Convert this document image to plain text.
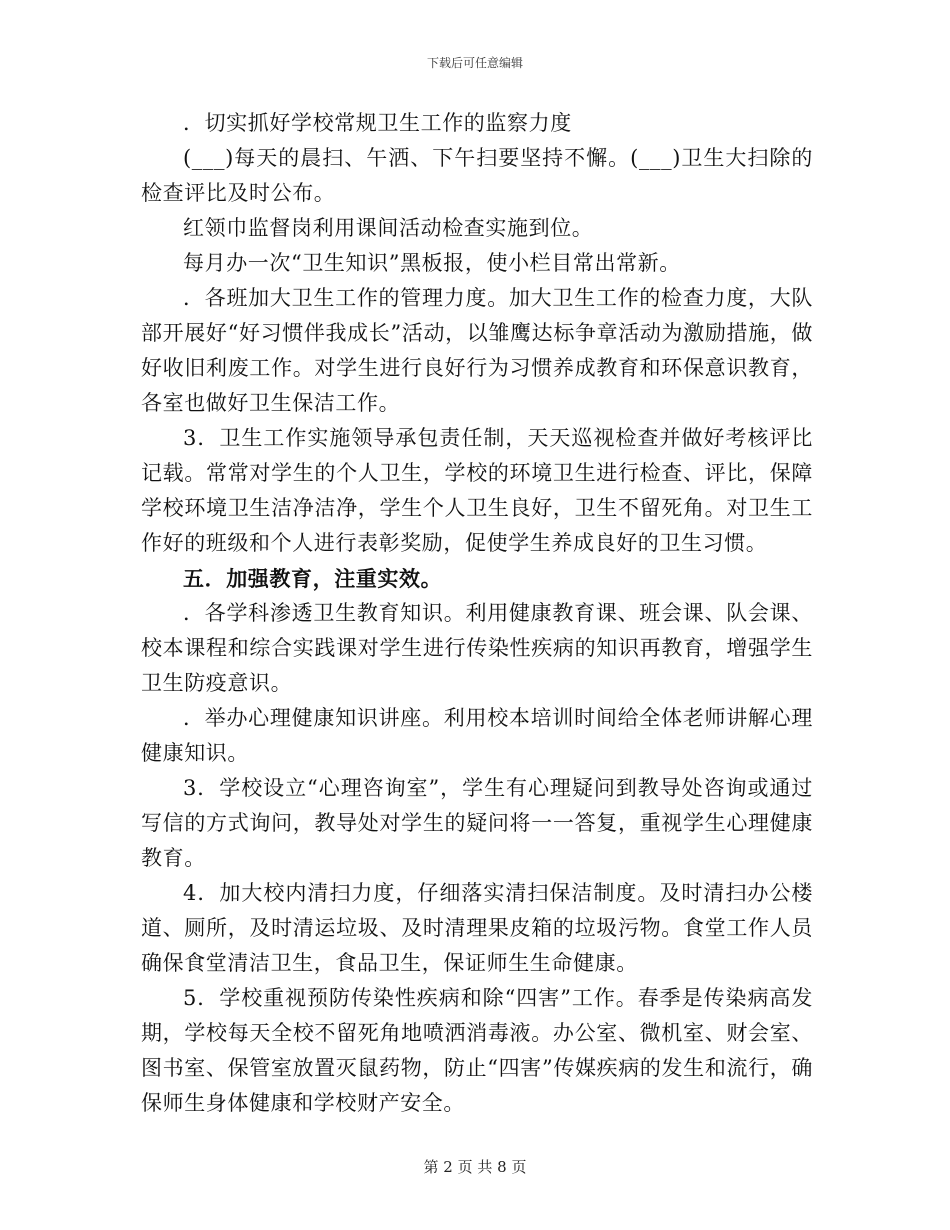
下载后可任意编辑

．切实抓好学校常规卫生工作的监察力度

(___)每天的晨扫、午洒、下午扫要坚持不懈。(___)卫生大扫除的检查评比及时公布。

红领巾监督岗利用课间活动检查实施到位。

每月办一次“卫生知识”黑板报，使小栏目常出常新。

．各班加大卫生工作的管理力度。加大卫生工作的检查力度，大队部开展好“好习惯伴我成长”活动，以雏鹰达标争章活动为激励措施，做好收旧利废工作。对学生进行良好行为习惯养成教育和环保意识教育，各室也做好卫生保洁工作。

3．卫生工作实施领导承包责任制，天天巡视检查并做好考核评比记载。常常对学生的个人卫生，学校的环境卫生进行检查、评比，保障学校环境卫生洁净洁净，学生个人卫生良好，卫生不留死角。对卫生工作好的班级和个人进行表彰奖励，促使学生养成良好的卫生习惯。

五．加强教育，注重实效。

．各学科渗透卫生教育知识。利用健康教育课、班会课、队会课、校本课程和综合实践课对学生进行传染性疾病的知识再教育，增强学生卫生防疫意识。

．举办心理健康知识讲座。利用校本培训时间给全体老师讲解心理健康知识。

3．学校设立“心理咨询室”，学生有心理疑问到教导处咨询或通过写信的方式询问，教导处对学生的疑问将一一答复，重视学生心理健康教育。

4．加大校内清扫力度，仔细落实清扫保洁制度。及时清扫办公楼道、厕所，及时清运垃圾、及时清理果皮箱的垃圾污物。食堂工作人员确保食堂清洁卫生，食品卫生，保证师生生命健康。

5．学校重视预防传染性疾病和除“四害”工作。春季是传染病高发期，学校每天全校不留死角地喷洒消毒液。办公室、微机室、财会室、图书室、保管室放置灭鼠药物，防止“四害”传媒疾病的发生和流行，确保师生身体健康和学校财产安全。

第 2 页 共 8 页
